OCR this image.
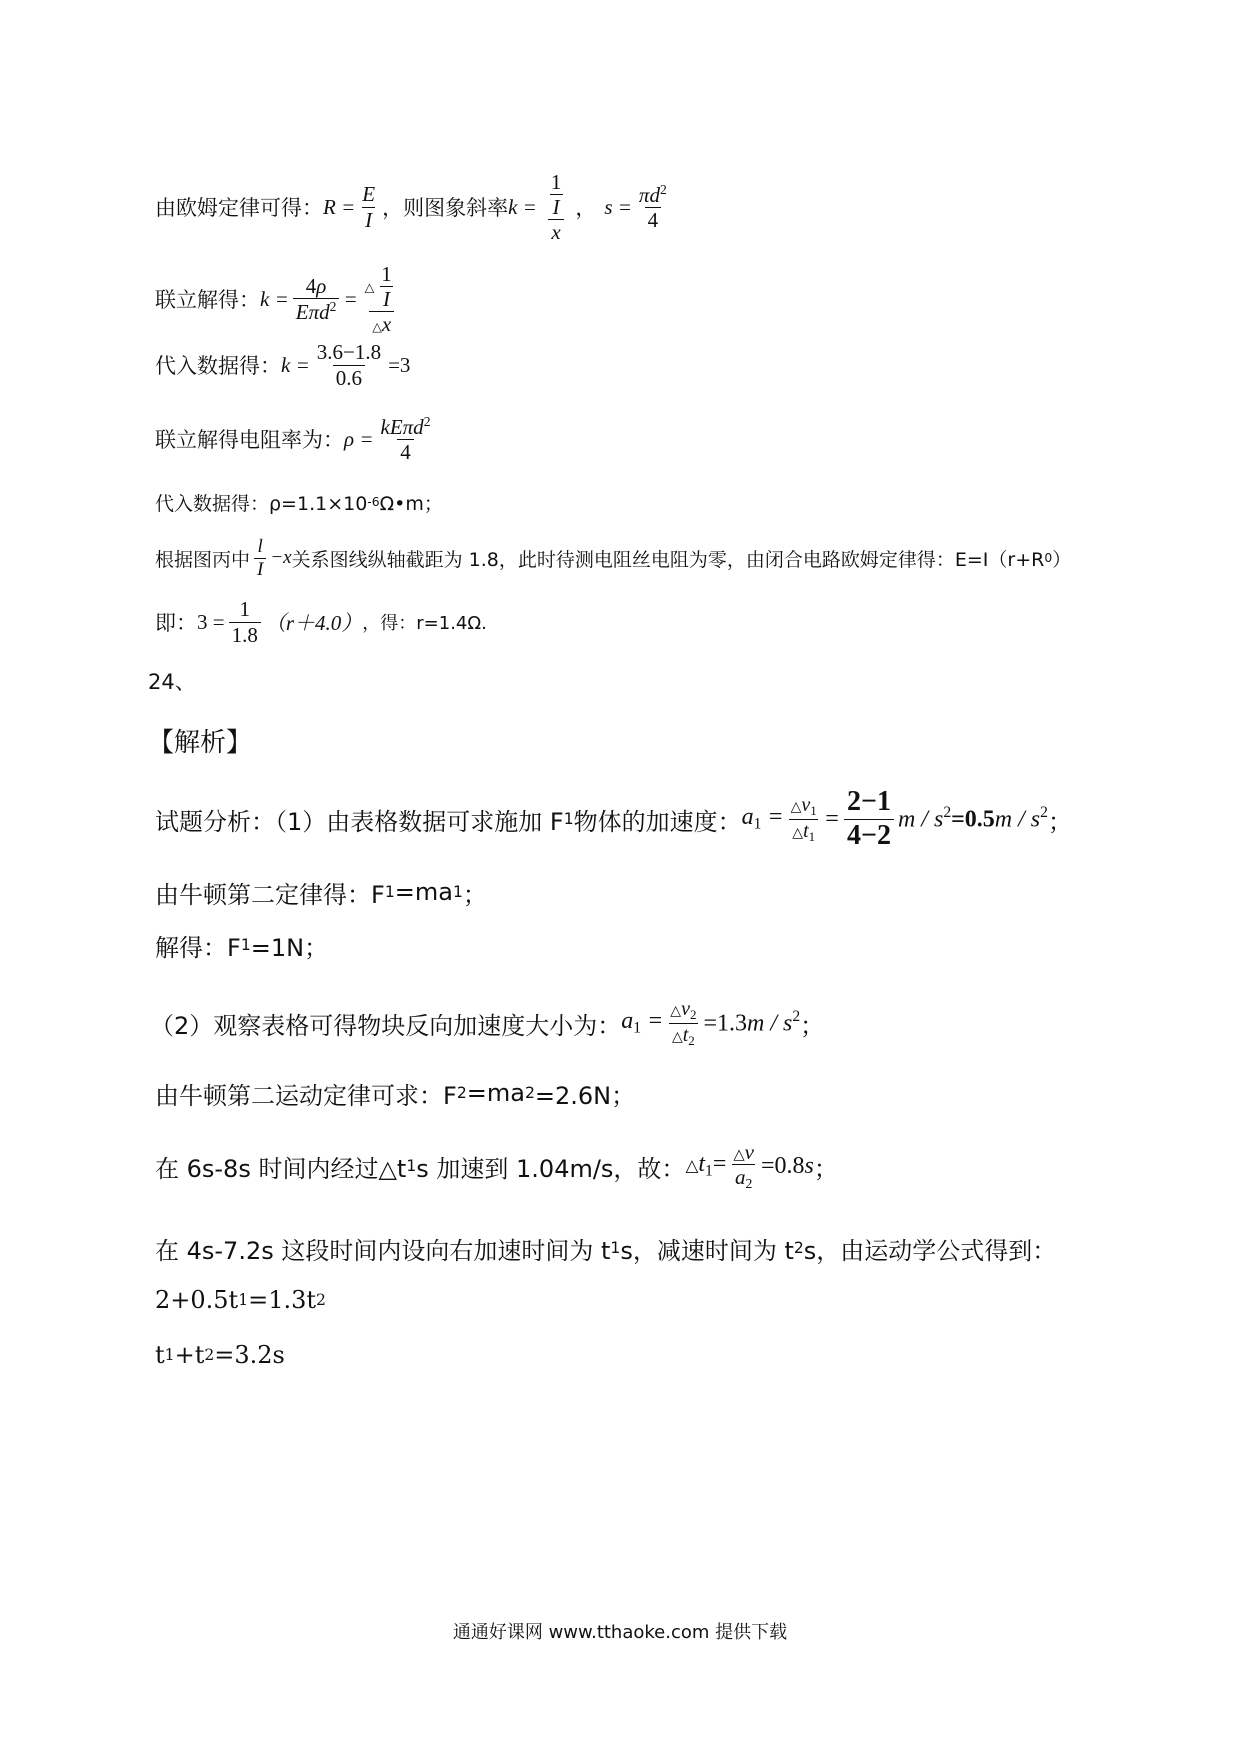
由欧姆定律可得： $R = \frac{E}{I}$ ，则图象斜率 $k = \frac{\frac{1}{I}}{x}$ ， $s = \frac{\pi d^2}{4}$
联立解得： $k = \frac{4\rho}{E\pi d^2} = \frac{\triangle \frac{1}{I}}{\triangle x}$
代入数据得： $k = \frac{3.6-1.8}{0.6} =3$
联立解得电阻率为： $\rho = \frac{kE\pi d^2}{4}$
代入数据得：ρ=1.1×10 -6 Ω•m；
根据图丙中 $\frac{l}{I} -x$ 关系图线纵轴截距为 1.8，此时待测电阻丝电阻为零，由闭合电路欧姆定律得：E=I（r+R 0 ）
即： $3 = \frac{1}{1.8} (r+4.0)$ ，得：r=1.4Ω.
24、
【解析】
试题分析：（1）由表格数据可求施加 F 1 物体的加速度： $a_1 = \frac{\triangle v_1}{\triangle t_1} = \frac{2-1}{4-2}$ $m / s^2=0.5m / s^2$ ；
由牛顿第二定律得：F 1 =ma 1 ；
解得：F 1 =1N；
（2）观察表格可得物块反向加速度大小为： $a_1 = \frac{\triangle v_2}{\triangle t_2} =1.3m / s^2$ ；
由牛顿第二运动定律可求：F 2 =ma 2 =2.6N；
在 6s-8s 时间内经过△t 1 s 加速到 1.04m/s，故： $\triangle t_1= \frac{\triangle v}{a_2} =0.8s$ ；
在 4s-7.2s 这段时间内设向右加速时间为 t 1 s，减速时间为 t 2 s，由运动学公式得到：
2+0.5t 1 =1.3t 2
t 1 +t 2 =3.2s
通通好课网 www.tthaoke.com 提供下载
